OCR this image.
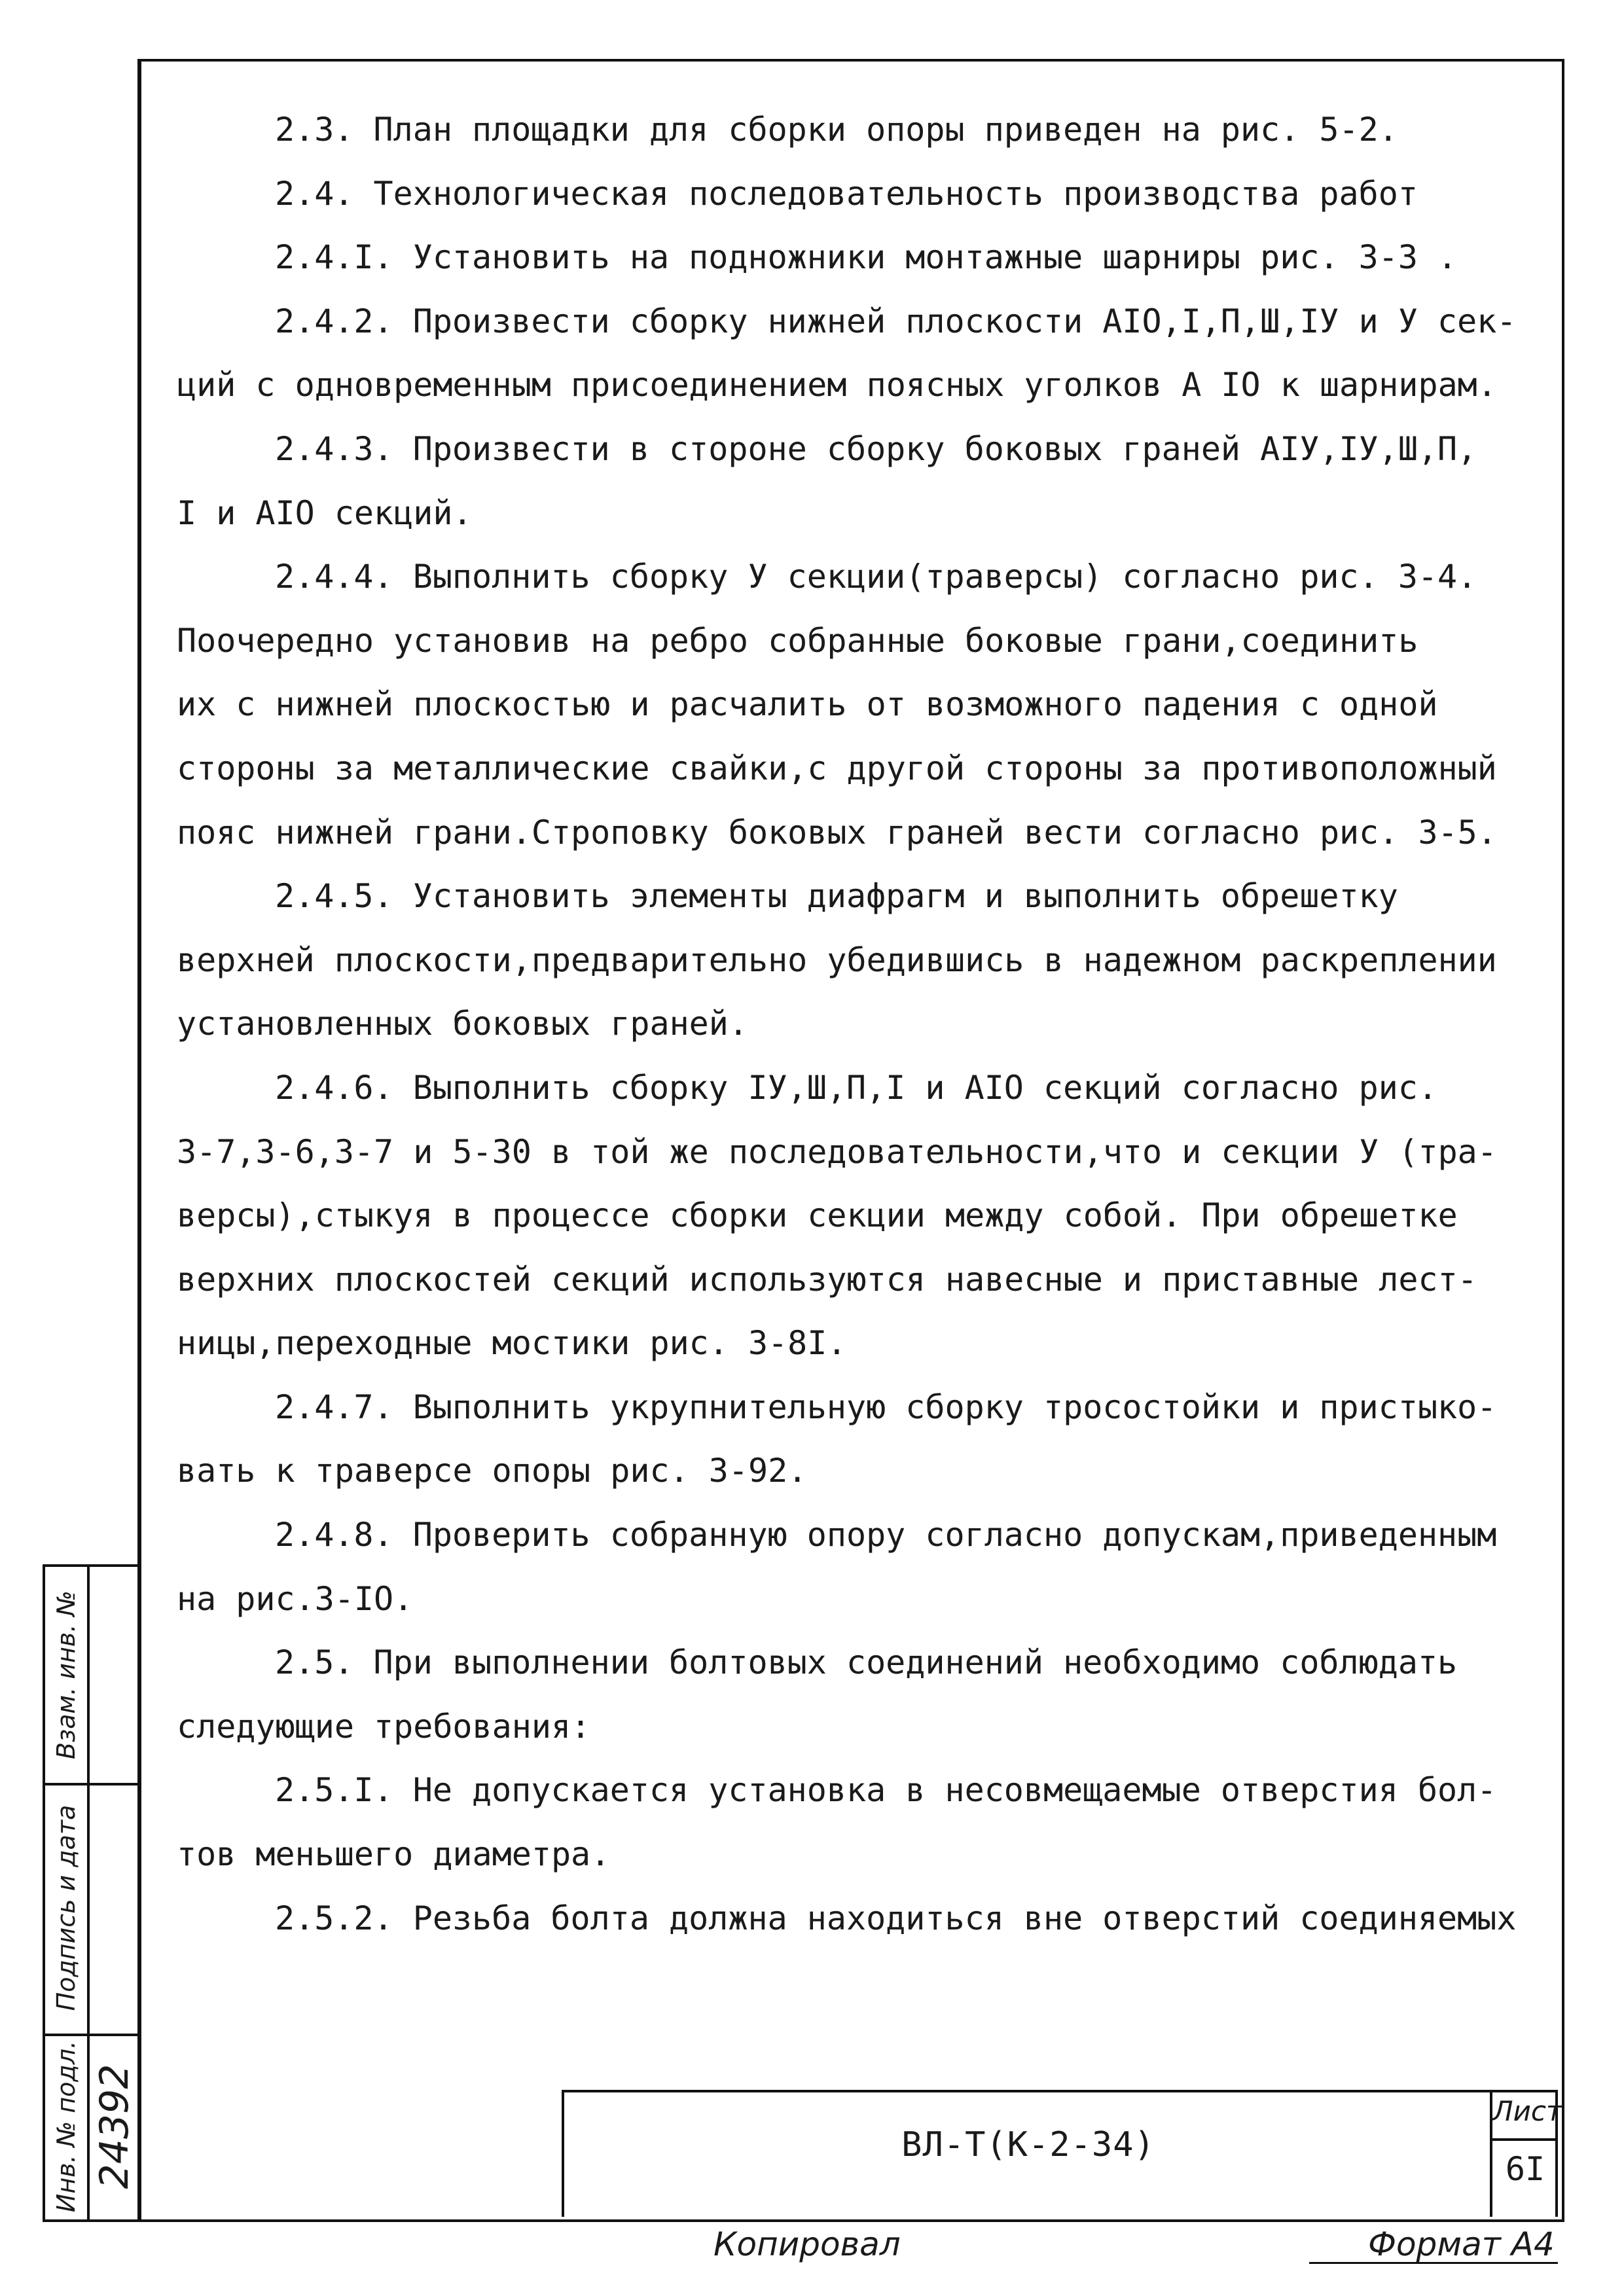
2.3. План площадки для сборки опоры приведен на рис. 5-2.

2.4. Технологическая последовательность производства работ

2.4.I. Установить на подножники монтажные шарниры рис. 3-3 .

2.4.2. Произвести сборку нижней плоскости АIО,I,П,Ш,IУ и У сек-

ций с одновременным присоединением поясных уголков А IO к шарнирам.

2.4.3. Произвести в стороне сборку боковых граней АIУ,IУ,Ш,П,

I и АIО секций.

2.4.4. Выполнить сборку У секции(траверсы) согласно рис. 3-4.

Поочередно установив на ребро собранные боковые грани,соединить

их с нижней плоскостью и расчалить от возможного падения с одной

стороны за металлические свайки,с другой стороны за противоположный

пояс нижней грани.Строповку боковых граней вести согласно рис. 3-5.

2.4.5. Установить элементы диафрагм и выполнить обрешетку

верхней плоскости,предварительно убедившись в надежном раскреплении

установленных боковых граней.

2.4.6. Выполнить сборку IУ,Ш,П,I и АIО секций согласно рис.

3-7,3-6,3-7 и 5-30 в той же последовательности,что и секции У (тра-

версы),стыкуя в процессе сборки секции между собой. При обрешетке

верхних плоскостей секций используются навесные и приставные лест-

ницы,переходные мостики рис. 3-8I.

2.4.7. Выполнить укрупнительную сборку тросостойки и пристыко-

вать к траверсе опоры рис. 3-92.

2.4.8. Проверить собранную опору согласно допускам,приведенным

на рис.3-IO.

2.5. При выполнении болтовых соединений необходимо соблюдать

следующие требования:

2.5.I. Не допускается установка в несовмещаемые отверстия бол-

тов меньшего диаметра.

2.5.2. Резьба болта должна находиться вне отверстий соединяемых

Взам. инв. №
Подпись и дата
Инв. № подл. 24392	ВЛ-Т(К-2-34)
Лист
6I
Копировал	Формат А4
